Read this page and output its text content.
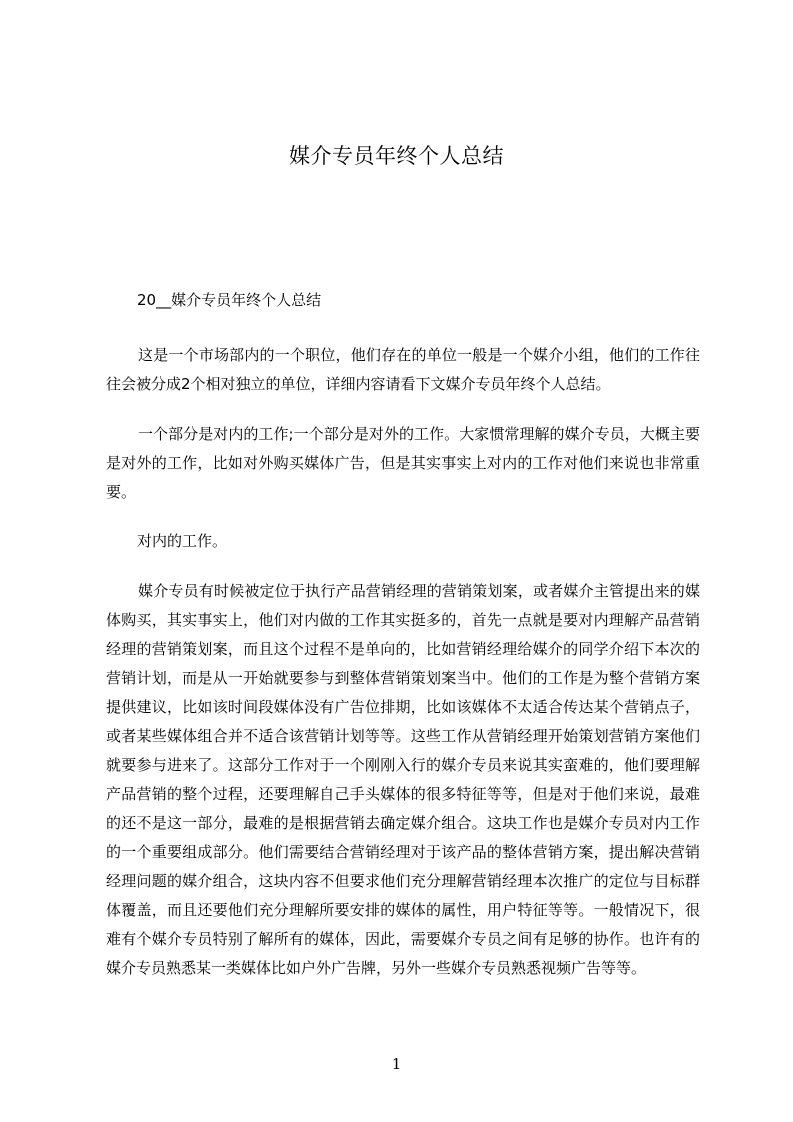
媒介专员年终个人总结
20__媒介专员年终个人总结

这是一个市场部内的一个职位，他们存在的单位一般是一个媒介小组，他们的工作往往会被分成2个相对独立的单位，详细内容请看下文媒介专员年终个人总结。

一个部分是对内的工作;一个部分是对外的工作。大家惯常理解的媒介专员，大概主要是对外的工作，比如对外购买媒体广告，但是其实事实上对内的工作对他们来说也非常重要。

对内的工作。

媒介专员有时候被定位于执行产品营销经理的营销策划案，或者媒介主管提出来的媒体购买，其实事实上，他们对内做的工作其实挺多的，首先一点就是要对内理解产品营销经理的营销策划案，而且这个过程不是单向的，比如营销经理给媒介的同学介绍下本次的营销计划，而是从一开始就要参与到整体营销策划案当中。他们的工作是为整个营销方案提供建议，比如该时间段媒体没有广告位排期，比如该媒体不太适合传达某个营销点子，或者某些媒体组合并不适合该营销计划等等。这些工作从营销经理开始策划营销方案他们就要参与进来了。这部分工作对于一个刚刚入行的媒介专员来说其实蛮难的，他们要理解产品营销的整个过程，还要理解自己手头媒体的很多特征等等，但是对于他们来说，最难的还不是这一部分，最难的是根据营销去确定媒介组合。这块工作也是媒介专员对内工作的一个重要组成部分。他们需要结合营销经理对于该产品的整体营销方案，提出解决营销经理问题的媒介组合，这块内容不但要求他们充分理解营销经理本次推广的定位与目标群体覆盖，而且还要他们充分理解所要安排的媒体的属性，用户特征等等。一般情况下，很难有个媒介专员特别了解所有的媒体，因此，需要媒介专员之间有足够的协作。也许有的媒介专员熟悉某一类媒体比如户外广告牌，另外一些媒介专员熟悉视频广告等等。

1
